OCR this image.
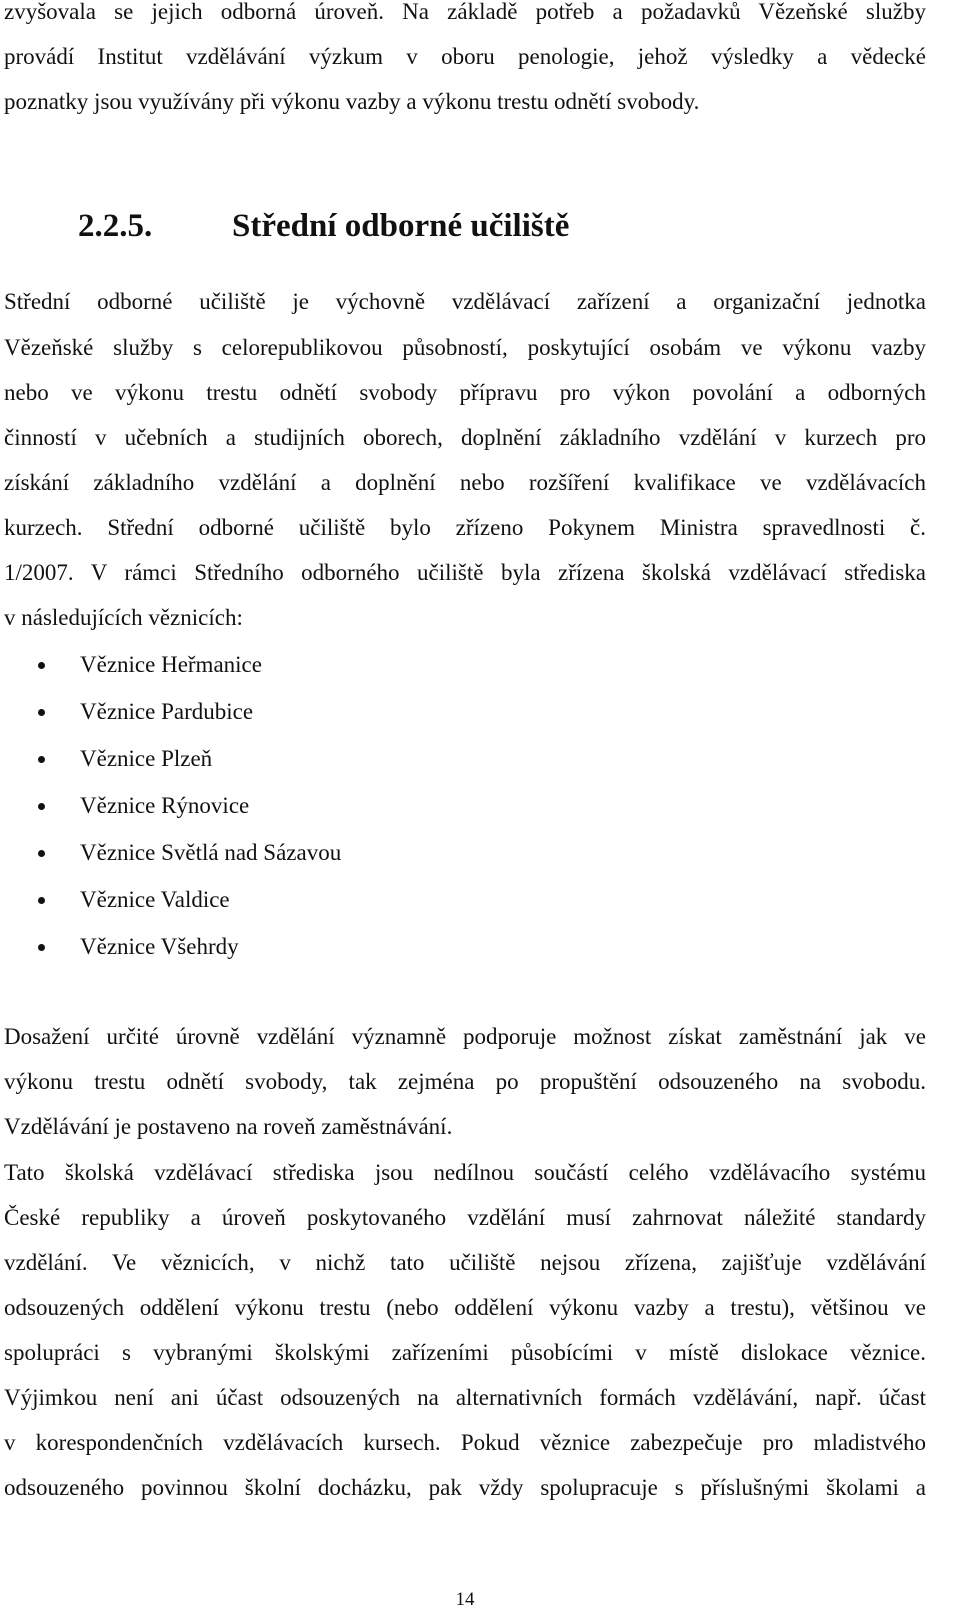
zvyšovala se jejich odborná úroveň. Na základě potřeb a požadavků Vězeňské služby
provádí Institut vzdělávání výzkum v oboru penologie, jehož výsledky a vědecké
poznatky jsou využívány při výkonu vazby a výkonu trestu odnětí svobody.
2.2.5. Střední odborné učiliště
Střední odborné učiliště je výchovně vzdělávací zařízení a organizační jednotka
Vězeňské služby s celorepublikovou působností, poskytující osobám ve výkonu vazby
nebo ve výkonu trestu odnětí svobody přípravu pro výkon povolání a odborných
činností v učebních a studijních oborech, doplnění základního vzdělání v kurzech pro
získání základního vzdělání a doplnění nebo rozšíření kvalifikace ve vzdělávacích
kurzech. Střední odborné učiliště bylo zřízeno Pokynem Ministra spravedlnosti č.
1/2007. V rámci Středního odborného učiliště byla zřízena školská vzdělávací střediska
v následujících věznicích:
Věznice Heřmanice
Věznice Pardubice
Věznice Plzeň
Věznice Rýnovice
Věznice Světlá nad Sázavou
Věznice Valdice
Věznice Všehrdy
Dosažení určité úrovně vzdělání významně podporuje možnost získat zaměstnání jak ve
výkonu trestu odnětí svobody, tak zejména po propuštění odsouzeného na svobodu.
Vzdělávání je postaveno na roveň zaměstnávání.
Tato školská vzdělávací střediska jsou nedílnou součástí celého vzdělávacího systému
České republiky a úroveň poskytovaného vzdělání musí zahrnovat náležité standardy
vzdělání. Ve věznicích, v nichž tato učiliště nejsou zřízena, zajišťuje vzdělávání
odsouzených oddělení výkonu trestu (nebo oddělení výkonu vazby a trestu), většinou ve
spolupráci s vybranými školskými zařízeními působícími v místě dislokace věznice.
Výjimkou není ani účast odsouzených na alternativních formách vzdělávání, např. účast
v korespondenčních vzdělávacích kursech. Pokud věznice zabezpečuje pro mladistvého
odsouzeného povinnou školní docházku, pak vždy spolupracuje s příslušnými školami a
14
